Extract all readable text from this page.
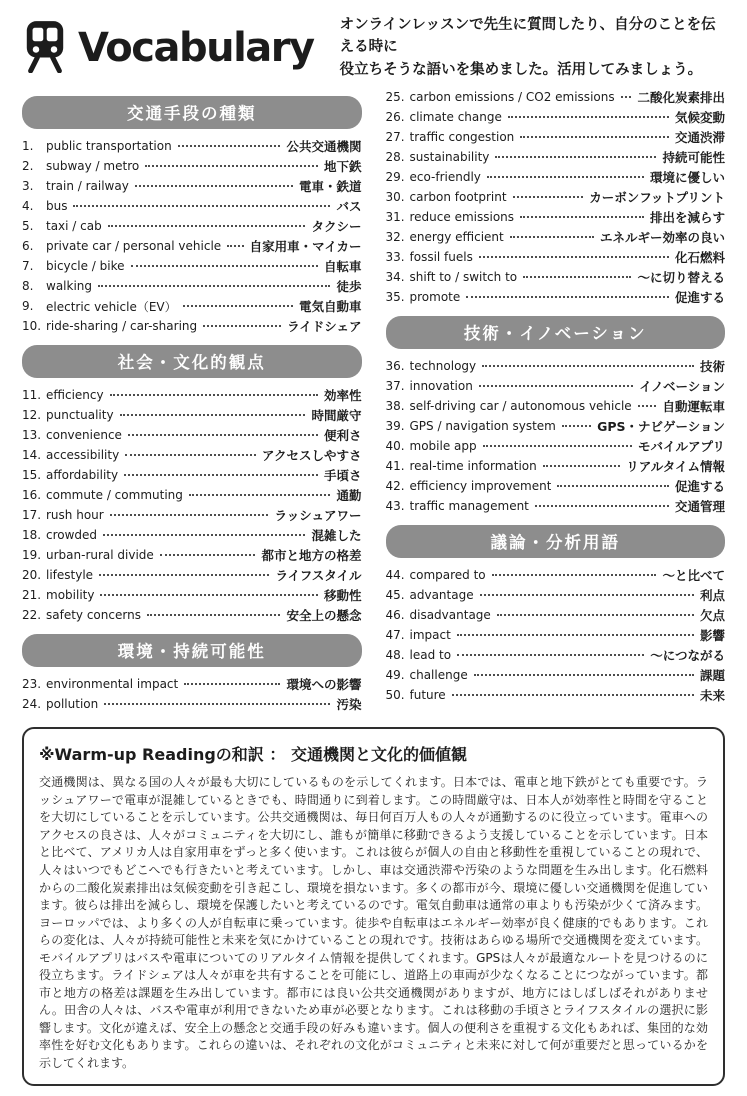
Vocabulary オンラインレッスンで先生に質問したり、自分のことを伝える時に
役立ちそうな語いを集めました。活用してみましょう。
交通手段の種類
1.	public transportation	公共交通機関
2.	subway / metro	地下鉄
3.	train / railway	電車・鉄道
4.	bus	バス
5.	taxi / cab	タクシー
6.	private car / personal vehicle 自家用車・マイカー
7.	bicycle / bike	自転車
8.	walking	徒歩
9.	electric vehicle（EV）	電気自動車
10. ride-sharing / car-sharing	ライドシェア
社会・文化的観点
11. efficiency	効率性
12. punctuality	時間厳守
13. convenience	便利さ
14. accessibility	アクセスしやすさ
15. affordability	手頃さ
16. commute / commuting	通勤
17. rush hour	ラッシュアワー
18. crowded	混雑した
19. urban-rural divide	都市と地方の格差
20. lifestyle	ライフスタイル
21. mobility	移動性
22. safety concerns	安全上の懸念
環境・持続可能性
23. environmental impact	環境への影響
24. pollution	汚染
25. carbon emissions / CO2 emissions 二酸化炭素排出
26. climate change	気候変動
27. traffic congestion	交通渋滞
28. sustainability	持続可能性
29. eco-friendly	環境に優しい
30. carbon footprint	カーボンフットプリント
31. reduce emissions	排出を減らす
32. energy efficient	エネルギー効率の良い
33. fossil fuels	化石燃料
34. shift to / switch to	～に切り替える
35. promote	促進する
技術・イノベーション
36. technology	技術
37. innovation	イノベーション
38. self-driving car / autonomous vehicle 自動運転車
39. GPS / navigation system	GPS・ナビゲーション
40. mobile app	モバイルアプリ
41. real-time information	リアルタイム情報
42. efficiency improvement	促進する
43. traffic management	交通管理
議論・分析用語
44. compared to	～と比べて
45. advantage	利点
46. disadvantage	欠点
47. impact	影響
48. lead to	～につながる
49. challenge	課題
50. future	未来
※Warm-up Readingの和訳 ： 交通機関と文化的価値観

交通機関は、異なる国の人々が最も大切にしているものを示してくれます。日本では、電車と地下鉄がとても重要です。ラッシュアワーで電車が混雑しているときでも、時間通りに到着します。この時間厳守は、日本人が効率性と時間を守ることを大切にしていることを示しています。公共交通機関は、毎日何百万人もの人々が通勤するのに役立っています。電車へのアクセスの良さは、人々がコミュニティを大切にし、誰もが簡単に移動できるよう支援していることを示しています。日本と比べて、アメリカ人は自家用車をずっと多く使います。これは彼らが個人の自由と移動性を重視していることの現れで、人々はいつでもどこへでも行きたいと考えています。しかし、車は交通渋滞や汚染のような問題を生み出します。化石燃料からの二酸化炭素排出は気候変動を引き起こし、環境を損ないます。多くの都市が今、環境に優しい交通機関を促進しています。彼らは排出を減らし、環境を保護したいと考えているのです。電気自動車は通常の車よりも汚染が少くて済みます。ヨーロッパでは、より多くの人が自転車に乗っています。徒歩や自転車はエネルギー効率が良く健康的でもあります。これらの変化は、人々が持続可能性と未来を気にかけていることの現れです。技術はあらゆる場所で交通機関を変えています。モバイルアプリはバスや電車についてのリアルタイム情報を提供してくれます。GPSは人々が最適なルートを見つけるのに役立ちます。ライドシェアは人々が車を共有することを可能にし、道路上の車両が少なくなることにつながっています。都市と地方の格差は課題を生み出しています。都市には良い公共交通機関がありますが、地方にはしばしばそれがありません。田舎の人々は、バスや電車が利用できないため車が必要となります。これは移動の手頃さとライフスタイルの選択に影響します。文化が違えば、安全上の懸念と交通手段の好みも違います。個人の便利さを重視する文化もあれば、集団的な効率性を好む文化もあります。これらの違いは、それぞれの文化がコミュニティと未来に対して何が重要だと思っているかを示してくれます。
